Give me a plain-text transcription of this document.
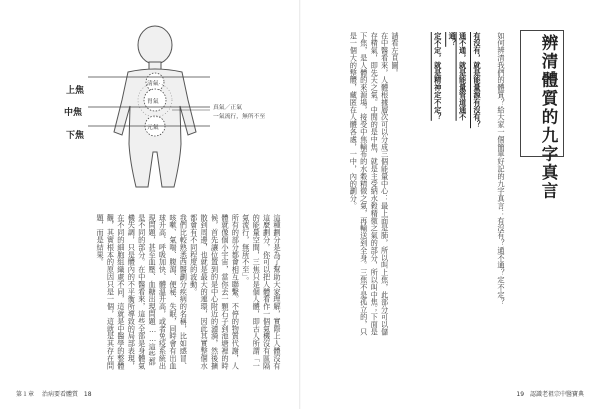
上焦
中焦
下焦
清氣
胃氣
元氣
真氣／正氣
一氣流行，無所不至

這種劃分是為了幫助大家理解，實際上人體沒有這麼劃分，你可以把人體看作一個氣機沒有區隔的能量空間，三焦只是個人體，即古人所謂「一氣流行，無所不至」。

所有的部分都會相互聯繫。不停的物質代謝，人體就像個小宇宙，當你丟一顆石子到池塘裡的時候，首先讓位置到的是中心附近的漣漪，然後擴散到周邊，也就是最大的連環，因此其實整個水都會有不同程度的波動。

我們比較熟悉西醫劃分疾病的名稱，比如感冒、咳嗽、氣喘、腹瀉、便秘、失眠，同時會有出血球升高、呼吸加快、體溫升高，或者免疫系統出現問題，甚至血壓、血糖出現問題……這些都是不同的部分。在中醫看來，這些全部是身體氣機失調，只是體內的不平衡所導致的局部表現，在不同的細胞組織處不同，這就是中醫學的整體觀，其實根本的原因只是一個，這就是其存在問題，而是結果。

第１章 治病要看體質 18
辨清體質的九字真言

如何辨清我們的體質？給大家一個簡單好記的九字真言：有沒有？通不通？定不定？

有沒有，就是能量源有沒有？

通不通，就是能量管道通不通？

定不定，就是精神定不定？

請看左頁圖。

在中醫看來，人體根據層次可以分成三個能量中心：最上面是肺，所以叫上焦，此部分可以儲存精氣，即先天之氣。中間的是中焦，就是主受納水穀精微之氣的部分，所以叫中焦；下面是下焦，是人體的來源場，接受中焦輸布的水穀精微之氣，再輸送到全身。三焦不是孤立的，只是一個大的整體，藏匿在人體各處，一中，內的劃分。

19 認識老祖宗中醫寶典
